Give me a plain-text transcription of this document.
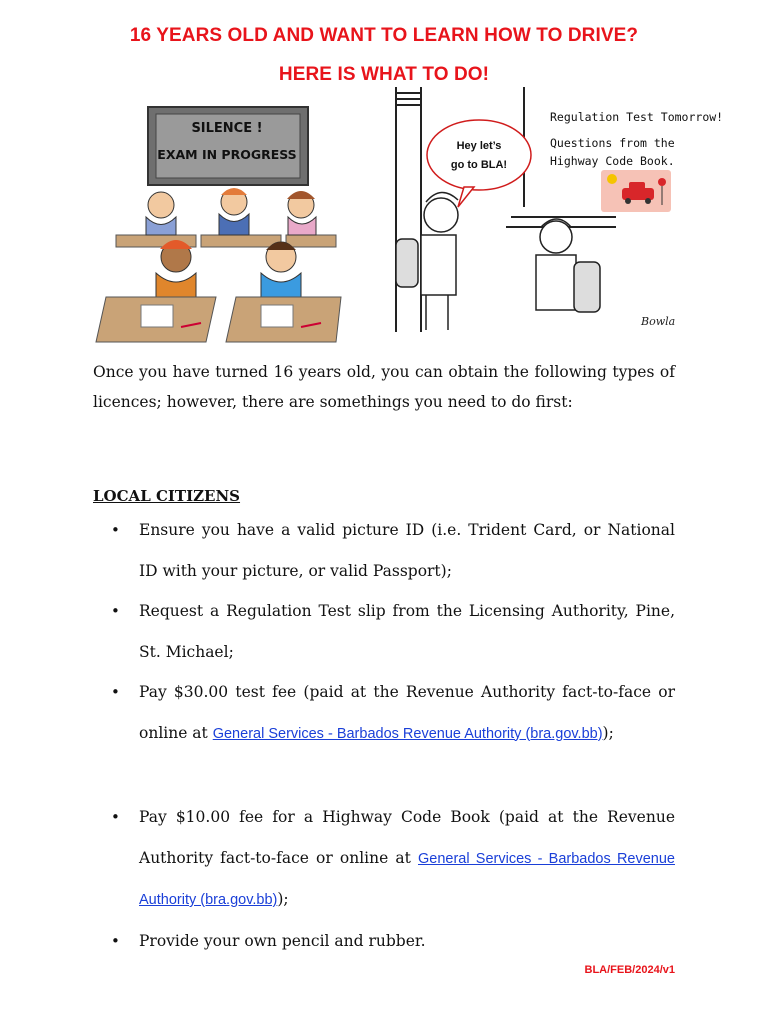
16 YEARS OLD AND WANT TO LEARN HOW TO DRIVE?
HERE IS WHAT TO DO!
SILENCE !
EXAM IN PROGRESS
Hey let’s
go to BLA!
Bowla
Regulation Test Tomorrow!
Questions from the
Highway Code Book.
Once you have turned 16 years old, you can obtain the following types of licences; however, there are somethings you need to do first:
LOCAL CITIZENS
• Ensure you have a valid picture ID (i.e. Trident Card, or National ID with your picture, or valid Passport);
• Request a Regulation Test slip from the Licensing Authority, Pine, St. Michael;
• Pay $30.00 test fee (paid at the Revenue Authority fact-to-face or online at General Services - Barbados Revenue Authority (bra.gov.bb));
• Pay $10.00 fee for a Highway Code Book (paid at the Revenue Authority fact-to-face or online at General Services - Barbados Revenue Authority (bra.gov.bb));
• Provide your own pencil and rubber.
BLA/FEB/2024/v1
